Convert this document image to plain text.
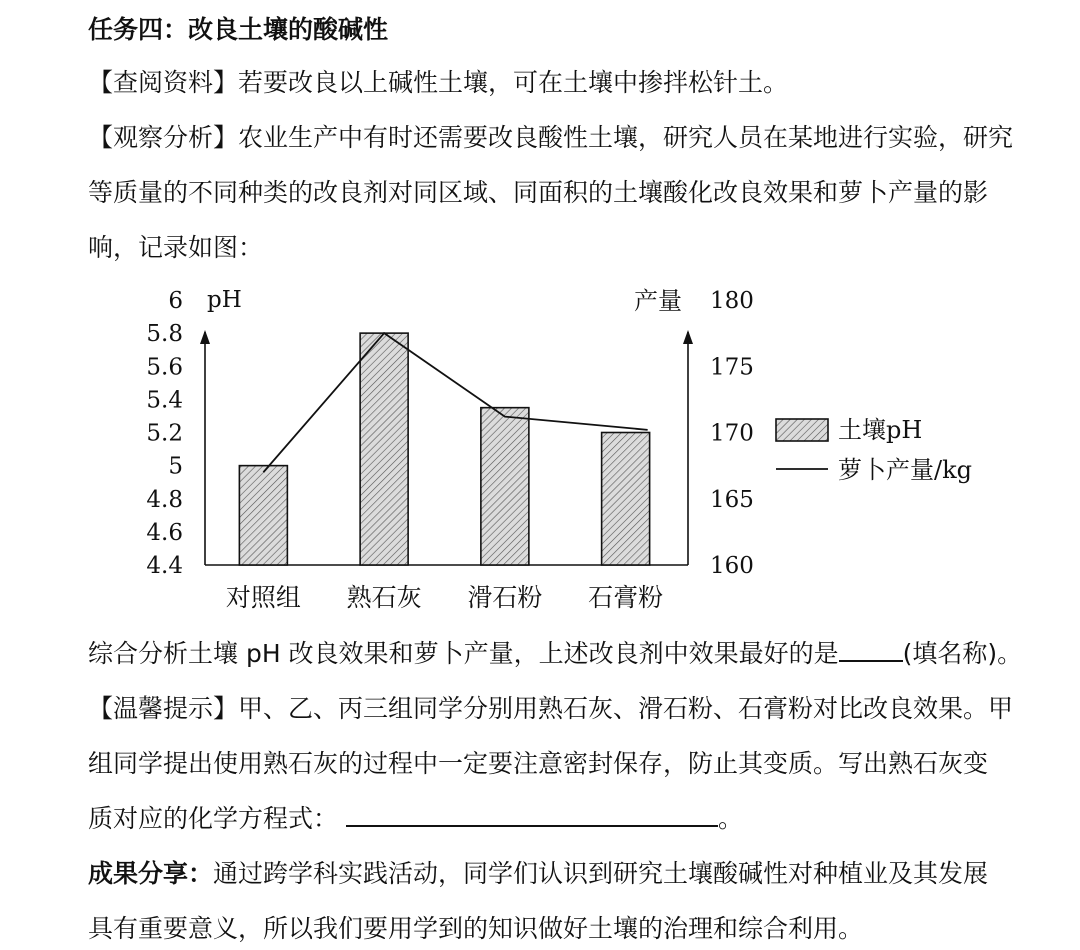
任务四：改良土壤的酸碱性
【查阅资料】若要改良以上碱性土壤，可在土壤中掺拌松针土。
【观察分析】农业生产中有时还需要改良酸性土壤，研究人员在某地进行实验，研究
等质量的不同种类的改良剂对同区域、同面积的土壤酸化改良效果和萝卜产量的影
响，记录如图：
4.4
4.6
4.8
5
5.2
5.4
5.6
5.8
6 pH
160
165
170
175
180
产量
对照组 熟石灰 滑石粉 石膏粉
土壤pH
萝卜产量/kg
综合分析土壤 pH 改良效果和萝卜产量，上述改良剂中效果最好的是	(填名称)。
【温馨提示】甲、乙、丙三组同学分别用熟石灰、滑石粉、石膏粉对比改良效果。甲
组同学提出使用熟石灰的过程中一定要注意密封保存，防止其变质。写出熟石灰变
质对应的化学方程式：	。
成果分享：通过跨学科实践活动，同学们认识到研究土壤酸碱性对种植业及其发展
具有重要意义，所以我们要用学到的知识做好土壤的治理和综合利用。
